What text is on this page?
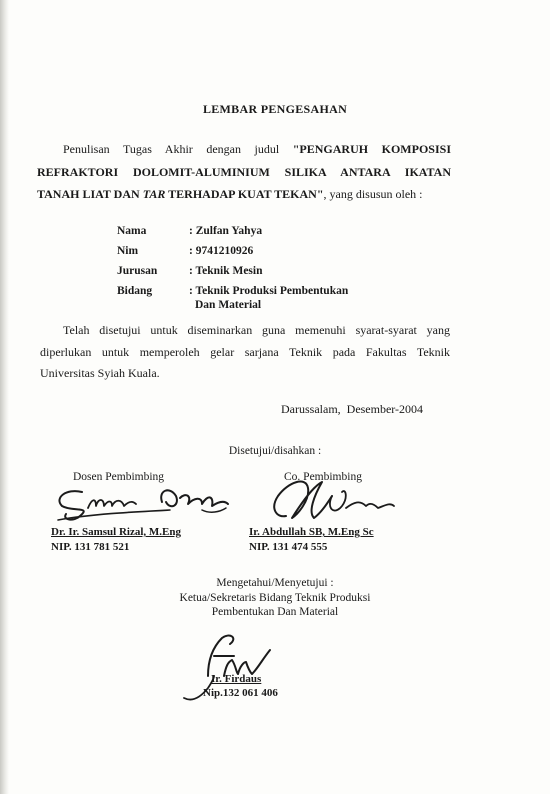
LEMBAR PENGESAHAN
Penulisan Tugas Akhir dengan judul "PENGARUH KOMPOSISI
REFRAKTORI DOLOMIT-ALUMINIUM SILIKA ANTARA IKATAN
TANAH LIAT DAN TAR TERHADAP KUAT TEKAN", yang disusun oleh :
Nama	: Zulfan Yahya
Nim	: 9741210926
Jurusan	: Teknik Mesin
Bidang	: Teknik Produksi Pembentukan
Dan Material
Telah disetujui untuk diseminarkan guna memenuhi syarat-syarat yang
diperlukan untuk memperoleh gelar sarjana Teknik pada Fakultas Teknik
Universitas Syiah Kuala.
Darussalam, Desember-2004
Disetujui/disahkan :
Dosen Pembimbing	Co. Pembimbing
Dr. Ir. Samsul Rizal, M.Eng
NIP. 131 781 521
Ir. Abdullah SB, M.Eng Sc
NIP. 131 474 555
Mengetahui/Menyetujui :
Ketua/Sekretaris Bidang Teknik Produksi
Pembentukan Dan Material
Ir. Firdaus
Nip.132 061 406
